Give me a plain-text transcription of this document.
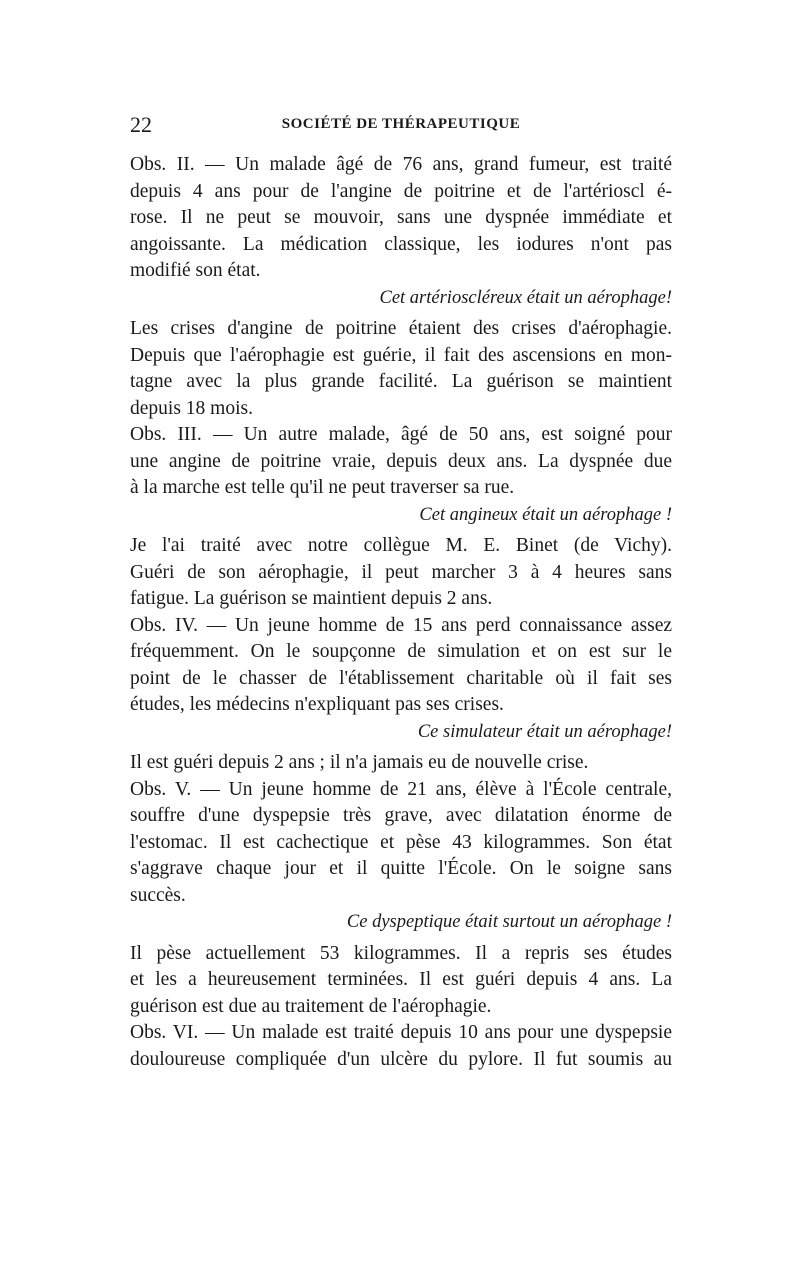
22	SOCIÉTÉ DE THÉRAPEUTIQUE
Obs. II. — Un malade âgé de 76 ans, grand fumeur, est traité
depuis 4 ans pour de l'angine de poitrine et de l'artérioscl é-
rose. Il ne peut se mouvoir, sans une dyspnée immédiate et
angoissante. La médication classique, les iodures n'ont pas
modifié son état.
Cet artérioscléreux était un aérophage!
Les crises d'angine de poitrine étaient des crises d'aérophagie.
Depuis que l'aérophagie est guérie, il fait des ascensions en mon-
tagne avec la plus grande facilité. La guérison se maintient
depuis 18 mois.
Obs. III. — Un autre malade, âgé de 50 ans, est soigné pour
une angine de poitrine vraie, depuis deux ans. La dyspnée due
à la marche est telle qu'il ne peut traverser sa rue.
Cet angineux était un aérophage !
Je l'ai traité avec notre collègue M. E. Binet (de Vichy).
Guéri de son aérophagie, il peut marcher 3 à 4 heures sans
fatigue. La guérison se maintient depuis 2 ans.
Obs. IV. — Un jeune homme de 15 ans perd connaissance assez
fréquemment. On le soupçonne de simulation et on est sur le
point de le chasser de l'établissement charitable où il fait ses
études, les médecins n'expliquant pas ses crises.
Ce simulateur était un aérophage!
Il est guéri depuis 2 ans ; il n'a jamais eu de nouvelle crise.
Obs. V. — Un jeune homme de 21 ans, élève à l'École centrale,
souffre d'une dyspepsie très grave, avec dilatation énorme de
l'estomac. Il est cachectique et pèse 43 kilogrammes. Son état
s'aggrave chaque jour et il quitte l'École. On le soigne sans
succès.
Ce dyspeptique était surtout un aérophage !
Il pèse actuellement 53 kilogrammes. Il a repris ses études
et les a heureusement terminées. Il est guéri depuis 4 ans. La
guérison est due au traitement de l'aérophagie.
Obs. VI. — Un malade est traité depuis 10 ans pour une dyspepsie
douloureuse compliquée d'un ulcère du pylore. Il fut soumis au
